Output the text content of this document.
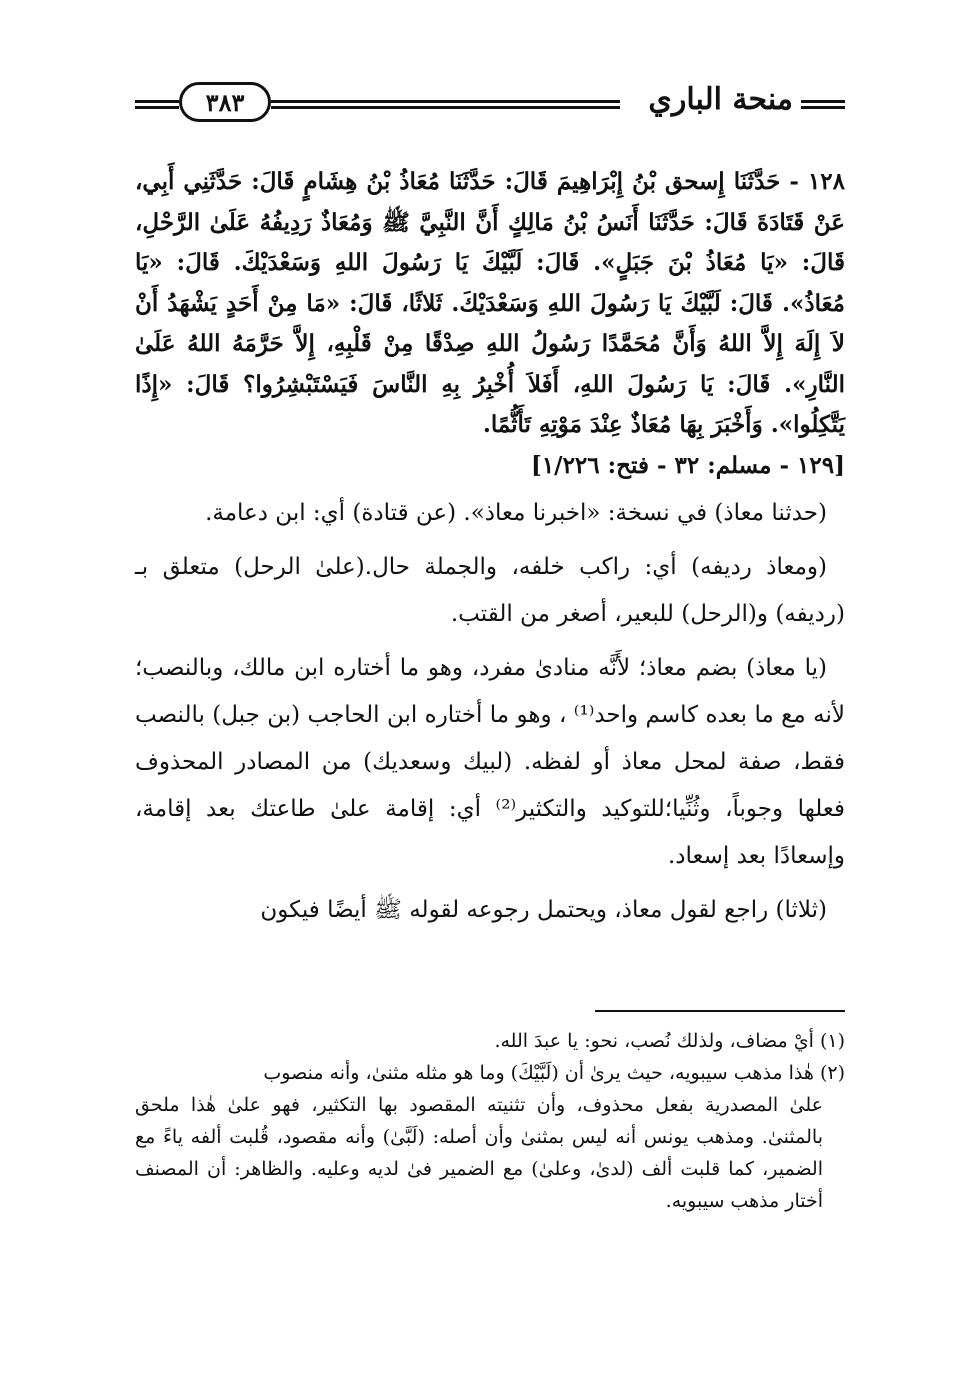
منحة الباري
٣٨٣

١٢٨ - حَدَّثَنَا إِسحق بْنُ إِبْرَاهِيمَ قَالَ: حَدَّثَنَا مُعَاذُ بْنُ هِشَامٍ قَالَ: حَدَّثَنِي أَبِي، عَنْ قَتَادَةَ قَالَ: حَدَّثَنَا أَنَسُ بْنُ مَالِكٍ أَنَّ النَّبِيَّ ﷺ وَمُعَاذٌ رَدِيفُهُ عَلَىٰ الرَّحْلِ، قَالَ: «يَا مُعَاذُ بْنَ جَبَلٍ». قَالَ: لَبَّيْكَ يَا رَسُولَ اللهِ وَسَعْدَيْكَ. قَالَ: «يَا مُعَاذُ». قَالَ: لَبَّيْكَ يَا رَسُولَ اللهِ وَسَعْدَيْكَ. ثَلاثًا، قَالَ: «مَا مِنْ أَحَدٍ يَشْهَدُ أَنْ لاَ إِلَهَ إِلاَّ اللهُ وَأَنَّ مُحَمَّدًا رَسُولُ اللهِ صِدْقًا مِنْ قَلْبِهِ، إِلاَّ حَرَّمَهُ اللهُ عَلَىٰ النَّارِ». قَالَ: يَا رَسُولَ اللهِ، أَفَلاَ أُخْبِرُ بِهِ النَّاسَ فَيَسْتَبْشِرُوا؟ قَالَ: «إِذًا يَتَّكِلُوا». وَأَخْبَرَ بِهَا مُعَاذٌ عِنْدَ مَوْتِهِ تَأَثُّمًا.

[١٢٩ - مسلم: ٣٢ - فتح: ١/٢٢٦]

(حدثنا معاذ) في نسخة: «اخبرنا معاذ». (عن قتادة) أي: ابن دعامة.

(ومعاذ رديفه) أي: راكب خلفه، والجملة حال.(علىٰ الرحل) متعلق بـ (رديفه) و(الرحل) للبعير، أصغر من القتب.

(يا معاذ) بضم معاذ؛ لأَنَّه منادىٰ مفرد، وهو ما أختاره ابن مالك، وبالنصب؛ لأنه مع ما بعده كاسم واحد⁽¹⁾ ، وهو ما أختاره ابن الحاجب (بن جبل) بالنصب فقط، صفة لمحل معاذ أو لفظه. (لبيك وسعديك) من المصادر المحذوف فعلها وجوباً، وثُنِّيا؛للتوكيد والتكثير⁽²⁾ أي: إقامة علىٰ طاعتك بعد إقامة، وإسعادًا بعد إسعاد.

(ثلاثا) راجع لقول معاذ، ويحتمل رجوعه لقوله ﷺ أيضًا فيكون

(١) أيْ مضاف، ولذلك نُصب، نحو: يا عبدَ الله.

(٢) هٰذا مذهب سيبويه، حيث يرىٰ أن (لَبَّيْكَ) وما هو مثله مثنىٰ، وأنه منصوب
علىٰ المصدرية بفعل محذوف، وأن تثنيته المقصود بها التكثير، فهو علىٰ هٰذا ملحق بالمثنىٰ. ومذهب يونس أنه ليس بمثنىٰ وأن أصله: (لَبَّىٰ) وأنه مقصود، قُلبت ألفه ياءً مع الضمير، كما قلبت ألف (لدىٰ، وعلىٰ) مع الضمير فىٰ لديه وعليه. والظاهر: أن المصنف أختار مذهب سيبويه.
